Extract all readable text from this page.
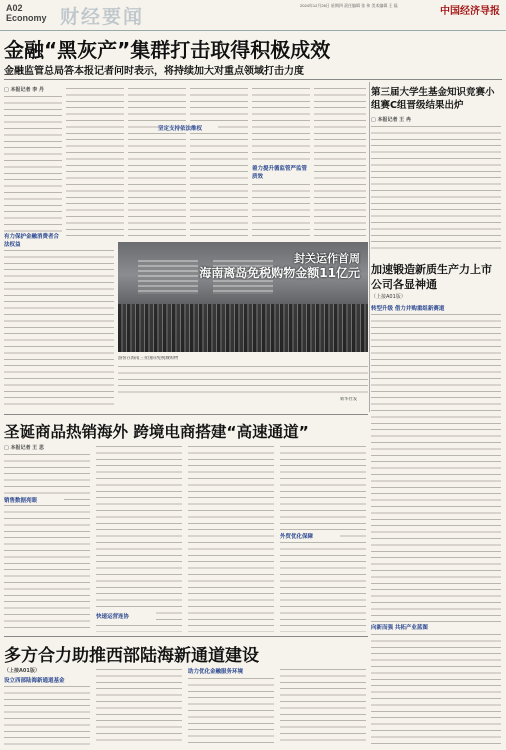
A02
Economy 财经要闻
2024年12月26日 星期四 责任编辑 张 伟 美术编辑 王 磊
中国经济导报
金融“黑灰产”集群打击取得积极成效
金融监管总局答本报记者问时表示，将持续加大对重点领域打击力度
□ 本报记者 李 丹
有力保护金融消费者合法权益
坚定支持依法维权
着力提升循监管严监管质效
第三届大学生基金知识竞赛小组赛C组晋级结果出炉
□ 本报记者 王 冉
封关运作首周
海南离岛免税购物金额11亿元
游客在海南三亚国际免税城购物
新华社发
加速锻造新质生产力上市公司各显神通
（上接A01版）
转型升级 借力并购重组新赛道
向新而强 共拓产业蓝图
圣诞商品热销海外 跨境电商搭建“高速通道”
□ 本报记者 王 思
销售数据亮眼
快递运营连协
外贸优化保障
多方合力助推西部陆海新通道建设
（上接A01版）
设立西部陆海新通道基金
助力优化金融服务环境
